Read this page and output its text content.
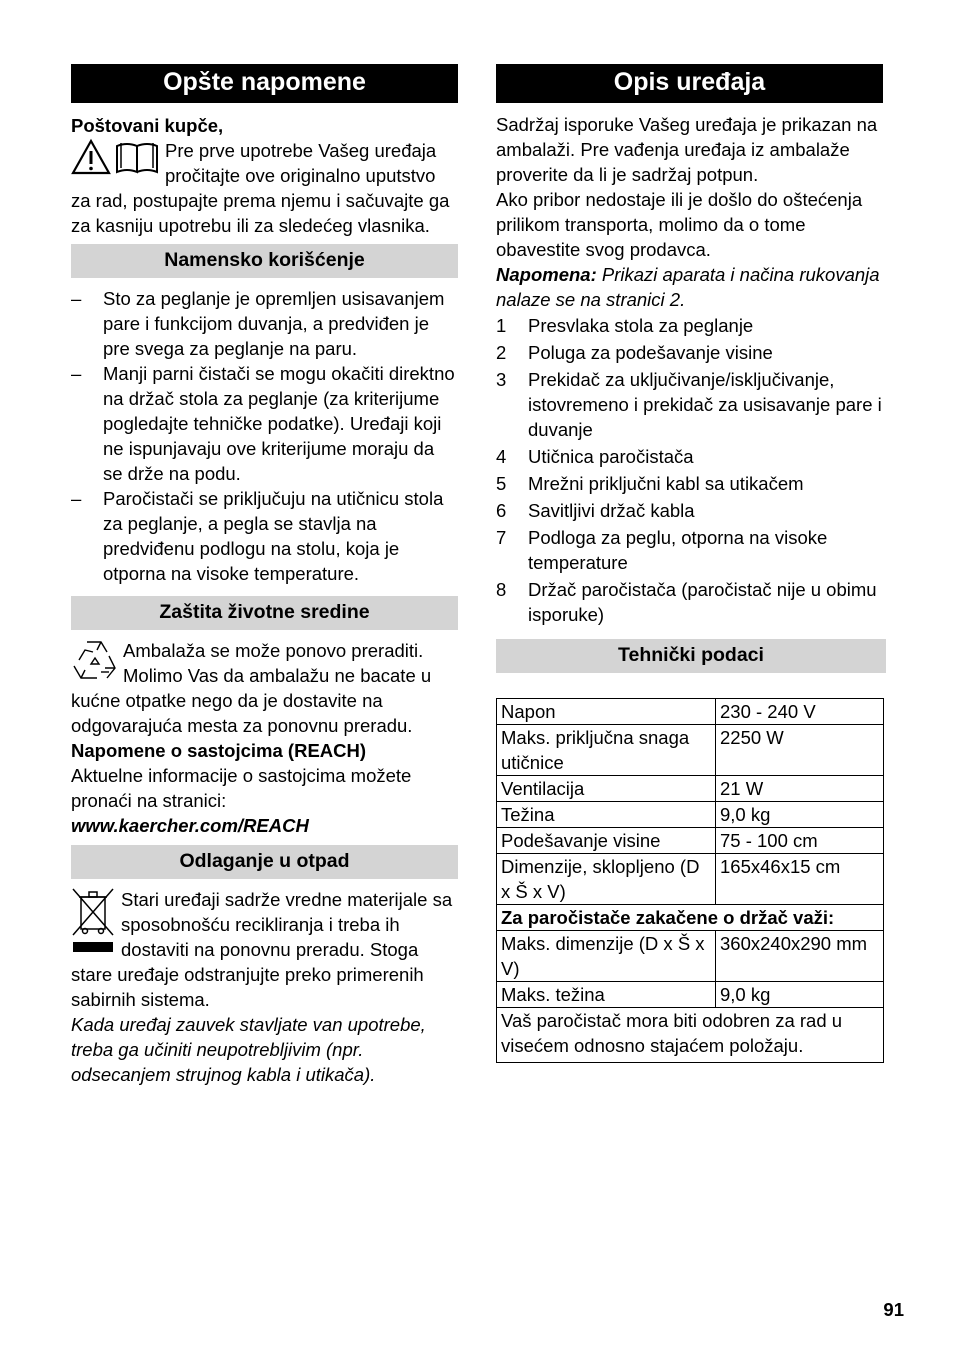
Opšte napomene

Poštovani kupče,

Pre prve upotrebe Vašeg uređaja pročitajte ove originalno uputstvo za rad, postupajte prema njemu i sačuvajte ga za kasniju upotrebu ili za sledećeg vlasnika.

Namensko korišćenje
– Sto za peglanje je opremljen usisavanjem pare i funkcijom duvanja, a predviđen je pre svega za peglanje na paru.
– Manji parni čistači se mogu okačiti direktno na držač stola za peglanje (za kriterijume pogledajte tehničke podatke). Uređaji koji ne ispunjavaju ove kriterijume moraju da se drže na podu.
– Paročistači se priključuju na utičnicu stola za peglanje, a pegla se stavlja na predviđenu podlogu na stolu, koja je otporna na visoke temperature.
Zaštita životne sredine

Ambalaža se može ponovo preraditi. Molimo Vas da ambalažu ne bacate u kućne otpatke nego da je dostavite na odgovarajuća mesta za ponovnu preradu.

Napomene o sastojcima (REACH)

Aktuelne informacije o sastojcima možete pronaći na stranici:

www.kaercher.com/REACH

Odlaganje u otpad

Stari uređaji sadrže vredne materijale sa sposobnošću recikliranja i treba ih dostaviti na ponovnu preradu. Stoga stare uređaje odstranjujte preko primerenih sabirnih sistema.

Kada uređaj zauvek stavljate van upotrebe, treba ga učiniti neupotrebljivim (npr. odsecanjem strujnog kabla i utikača).

Opis uređaja

Sadržaj isporuke Vašeg uređaja je prikazan na ambalaži. Pre vađenja uređaja iz ambalaže proverite da li je sadržaj potpun.

Ako pribor nedostaje ili je došlo do oštećenja prilikom transporta, molimo da o tome obavestite svog prodavca.

Napomena: Prikazi aparata i načina rukovanja nalaze se na stranici 2.

1 Presvlaka stola za peglanje
2 Poluga za podešavanje visine
3 Prekidač za uključivanje/isključivanje, istovremeno i prekidač za usisavanje pare i duvanje
4 Utičnica paročistača
5 Mrežni priključni kabl sa utikačem
6 Savitljivi držač kabla
7 Podloga za peglu, otporna na visoke temperature
8 Držač paročistača (paročistač nije u obimu isporuke)
Tehnički podaci
Napon	230 - 240 V
Maks. priključna snaga utičnice	2250 W
Ventilacija	21 W
Težina	9,0 kg
Podešavanje visine	75 - 100 cm
Dimenzije, sklopljeno (D x Š x V)	165x46x15 cm
Za paročistače zakačene o držač važi:	
Maks. dimenzije (D x Š x V)	360x240x290 mm
Maks. težina	9,0 kg
Vaš paročistač mora biti odobren za rad u visećem odnosno stajaćem položaju.	
91
